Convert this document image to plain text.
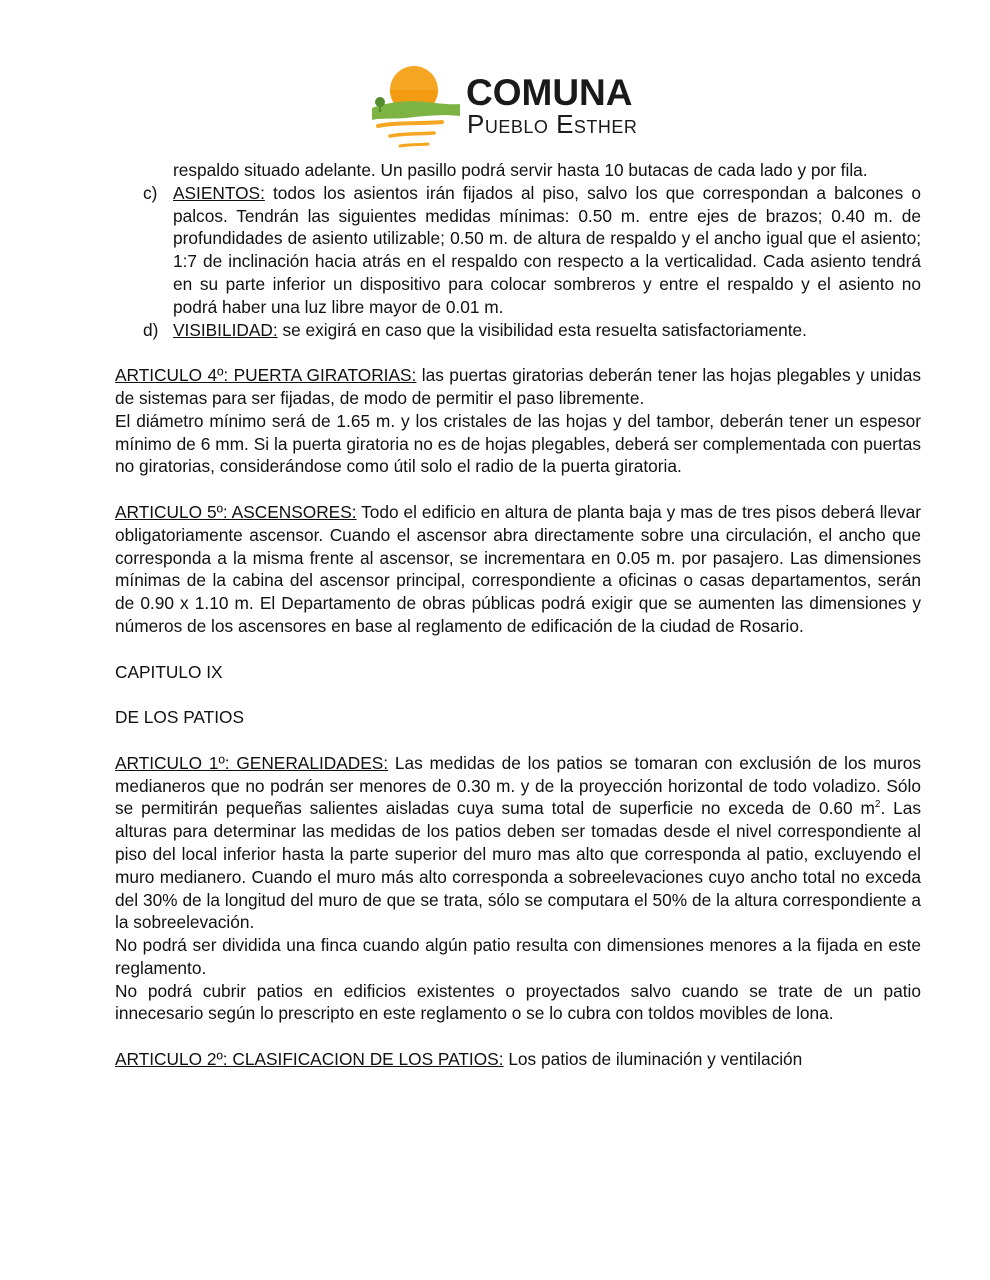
COMUNA
Pueblo Esther

respaldo situado adelante. Un pasillo podrá servir hasta 10 butacas de cada lado y por fila.

c) ASIENTOS: todos los asientos irán fijados al piso, salvo los que correspondan a balcones o palcos. Tendrán las siguientes medidas mínimas: 0.50 m. entre ejes de brazos; 0.40 m. de profundidades de asiento utilizable; 0.50 m. de altura de respaldo y el ancho igual que el asiento; 1:7 de inclinación hacia atrás en el respaldo con respecto a la verticalidad. Cada asiento tendrá en su parte inferior un dispositivo para colocar sombreros y entre el respaldo y el asiento no podrá haber una luz libre mayor de 0.01 m.

d) VISIBILIDAD: se exigirá en caso que la visibilidad esta resuelta satisfactoriamente.

ARTICULO 4º: PUERTA GIRATORIAS: las puertas giratorias deberán tener las hojas plegables y unidas de sistemas para ser fijadas, de modo de permitir el paso libremente.

El diámetro mínimo será de 1.65 m. y los cristales de las hojas y del tambor, deberán tener un espesor mínimo de 6 mm. Si la puerta giratoria no es de hojas plegables, deberá ser complementada con puertas no giratorias, considerándose como útil solo el radio de la puerta giratoria.

ARTICULO 5º: ASCENSORES: Todo el edificio en altura de planta baja y mas de tres pisos deberá llevar obligatoriamente ascensor. Cuando el ascensor abra directamente sobre una circulación, el ancho que corresponda a la misma frente al ascensor, se incrementara en 0.05 m. por pasajero. Las dimensiones mínimas de la cabina del ascensor principal, correspondiente a oficinas o casas departamentos, serán de 0.90 x 1.10 m. El Departamento de obras públicas podrá exigir que se aumenten las dimensiones y números de los ascensores en base al reglamento de edificación de la ciudad de Rosario.

CAPITULO IX

DE LOS PATIOS

ARTICULO 1º: GENERALIDADES: Las medidas de los patios se tomaran con exclusión de los muros medianeros que no podrán ser menores de 0.30 m. y de la proyección horizontal de todo voladizo. Sólo se permitirán pequeñas salientes aisladas cuya suma total de superficie no exceda de 0.60 $m^2$. Las alturas para determinar las medidas de los patios deben ser tomadas desde el nivel correspondiente al piso del local inferior hasta la parte superior del muro mas alto que corresponda al patio, excluyendo el muro medianero. Cuando el muro más alto corresponda a sobreelevaciones cuyo ancho total no exceda del 30% de la longitud del muro de que se trata, sólo se computara el 50% de la altura correspondiente a la sobreelevación.

No podrá ser dividida una finca cuando algún patio resulta con dimensiones menores a la fijada en este reglamento.

No podrá cubrir patios en edificios existentes o proyectados salvo cuando se trate de un patio innecesario según lo prescripto en este reglamento o se lo cubra con toldos movibles de lona.

ARTICULO 2º: CLASIFICACION DE LOS PATIOS: Los patios de iluminación y ventilación
